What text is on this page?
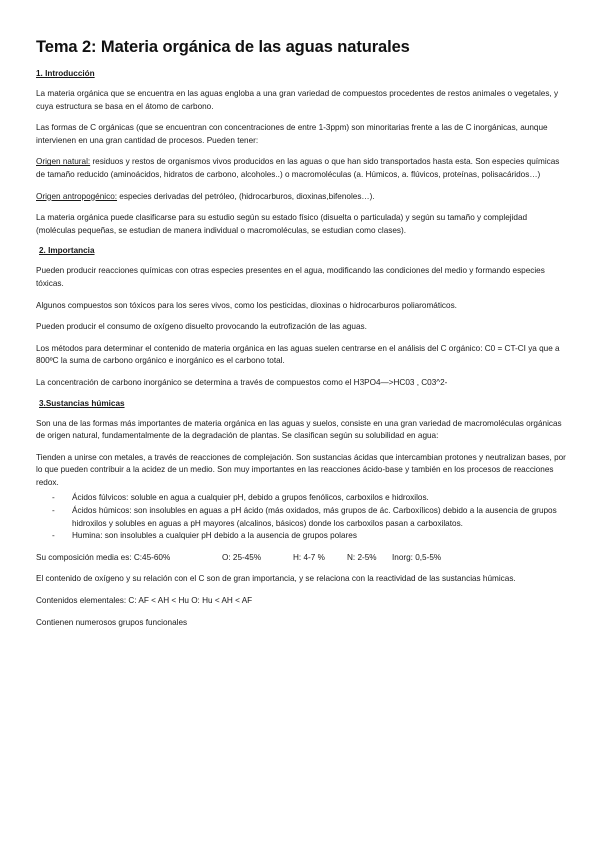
Tema 2: Materia orgánica de las aguas naturales
1. Introducción

La materia orgánica que se encuentra en las aguas engloba a una gran variedad de compuestos procedentes de restos animales o vegetales, y cuya estructura se basa en el átomo de carbono.

Las formas de C orgánicas (que se encuentran con concentraciones de entre 1-3ppm) son minoritarias frente a las de C inorgánicas, aunque intervienen en una gran cantidad de procesos. Pueden tener:

Origen natural: residuos y restos de organismos vivos producidos en las aguas o que han sido transportados hasta esta. Son especies químicas de tamaño reducido (aminoácidos, hidratos de carbono, alcoholes..) o macromoléculas (a. Húmicos, a. flúvicos, proteínas, polisacáridos…)

Origen antropogénico: especies derivadas del petróleo, (hidrocarburos, dioxinas,bifenoles…).

La materia orgánica puede clasificarse para su estudio según su estado físico (disuelta o particulada) y según su tamaño y complejidad (moléculas pequeñas, se estudian de manera individual o macromoléculas, se estudian como clases).

2. Importancia

Pueden producir reacciones químicas con otras especies presentes en el agua, modificando las condiciones del medio y formando especies tóxicas.

Algunos compuestos son tóxicos para los seres vivos, como los pesticidas, dioxinas o hidrocarburos poliaromáticos.

Pueden producir el consumo de oxígeno disuelto provocando la eutrofización de las aguas.

Los métodos para determinar el contenido de materia orgánica en las aguas suelen centrarse en el análisis del C orgánico: C0 = CT-CI ya que a 800ºC la suma de carbono orgánico e inorgánico es el carbono total.

La concentración de carbono inorgánico se determina a través de compuestos como el H3PO4—>HC03 , C03^2-

3.Sustancias húmicas

Son una de las formas más importantes de materia orgánica en las aguas y suelos, consiste en una gran variedad de macromoléculas orgánicas de origen natural, fundamentalmente de la degradación de plantas. Se clasifican según su solubilidad en agua:

Tienden a unirse con metales, a través de reacciones de complejación. Son sustancias ácidas que intercambian protones y neutralizan bases, por lo que pueden contribuir a la acidez de un medio. Son muy importantes en las reacciones ácido-base y también en los procesos de reacciones redox.

- Ácidos fúlvicos: soluble en agua a cualquier pH, debido a grupos fenólicos, carboxilos e hidroxilos.
- Ácidos húmicos: son insolubles en aguas a pH ácido (más oxidados, más grupos de ác. Carboxílicos) debido a la ausencia de grupos hidroxilos y solubles en aguas a pH mayores (alcalinos, básicos) donde los carboxilos pasan a carboxilatos.
- Humina: son insolubles a cualquier pH debido a la ausencia de grupos polares
Su composición media es: C:45-60%	O: 25-45%	H: 4-7 %	N: 2-5%	Inorg: 0,5-5%

El contenido de oxígeno y su relación con el C son de gran importancia, y se relaciona con la reactividad de las sustancias húmicas.

Contenidos elementales: C: AF < AH < Hu O: Hu < AH < AF

Contienen numerosos grupos funcionales
